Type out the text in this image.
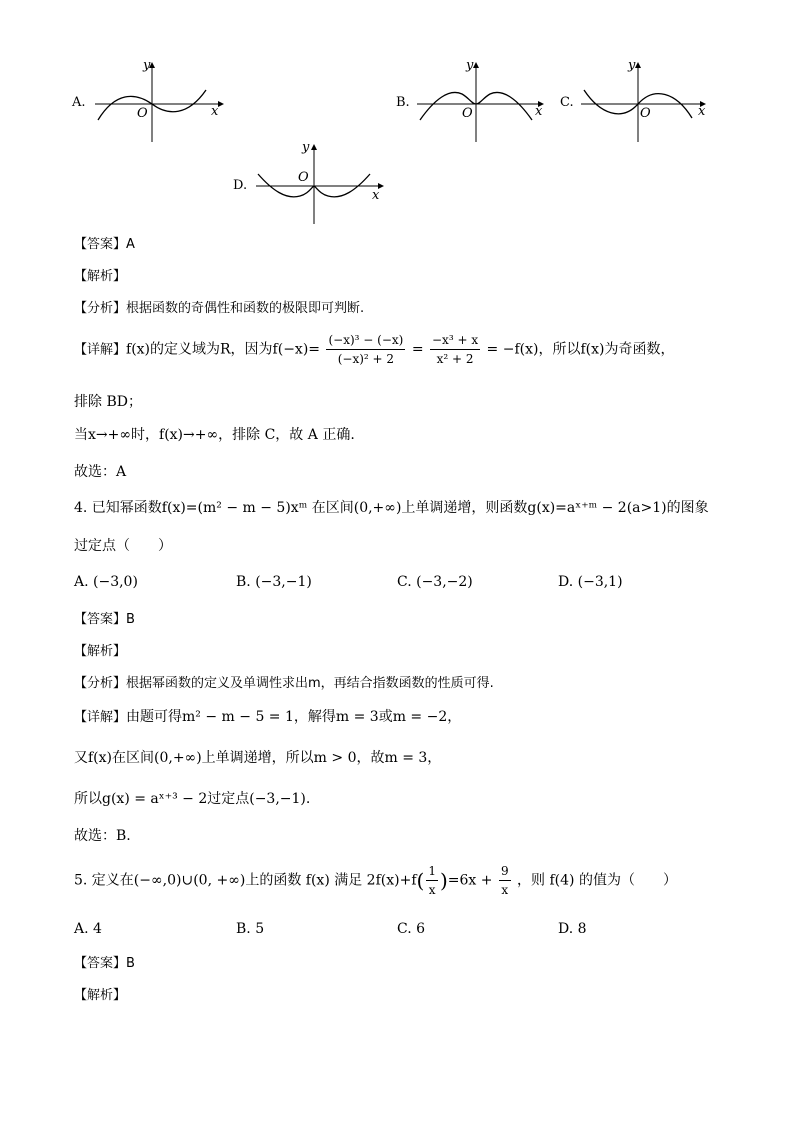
A.
y
x
O
B.
y
x
O
C.
y
x
O
D.
y
x
O
【答案】A
【解析】
【分析】根据函数的奇偶性和函数的极限即可判断.
【详解】f(x)的定义域为R，因为$f(-x)= \frac{\text{(−x)³ − (−x)}}{\text{(−x)² + 2}} = \frac{\text{−x³ + x}}{\text{x² + 2}} = -f(x)$，所以f(x)为奇函数，
排除 BD；
当x→+∞时，f(x)→+∞，排除 C，故 A 正确.
故选：A
4. 已知幂函数f(x)=(m² − m − 5)xᵐ 在区间(0,+∞)上单调递增，则函数g(x)=aˣ⁺ᵐ − 2(a>1)的图象
过定点（　　）
A. (−3,0)	B. (−3,−1)	C. (−3,−2)	D. (−3,1)
【答案】B
【解析】
【分析】根据幂函数的定义及单调性求出m，再结合指数函数的性质可得.
【详解】由题可得m² − m − 5 = 1，解得m = 3或m = −2，
又f(x)在区间(0,+∞)上单调递增，所以m > 0，故m = 3，
所以g(x) = aˣ⁺³ − 2过定点(−3,−1).
故选：B.
5. 定义在(−∞,0)∪(0, +∞)上的函数 f(x) 满足 $2f(x)+f( \frac{1}{x} )=6x + \frac{9}{x}$ ，则 f(4) 的值为（　　）
A. 4	B. 5	C. 6	D. 8
【答案】B
【解析】
